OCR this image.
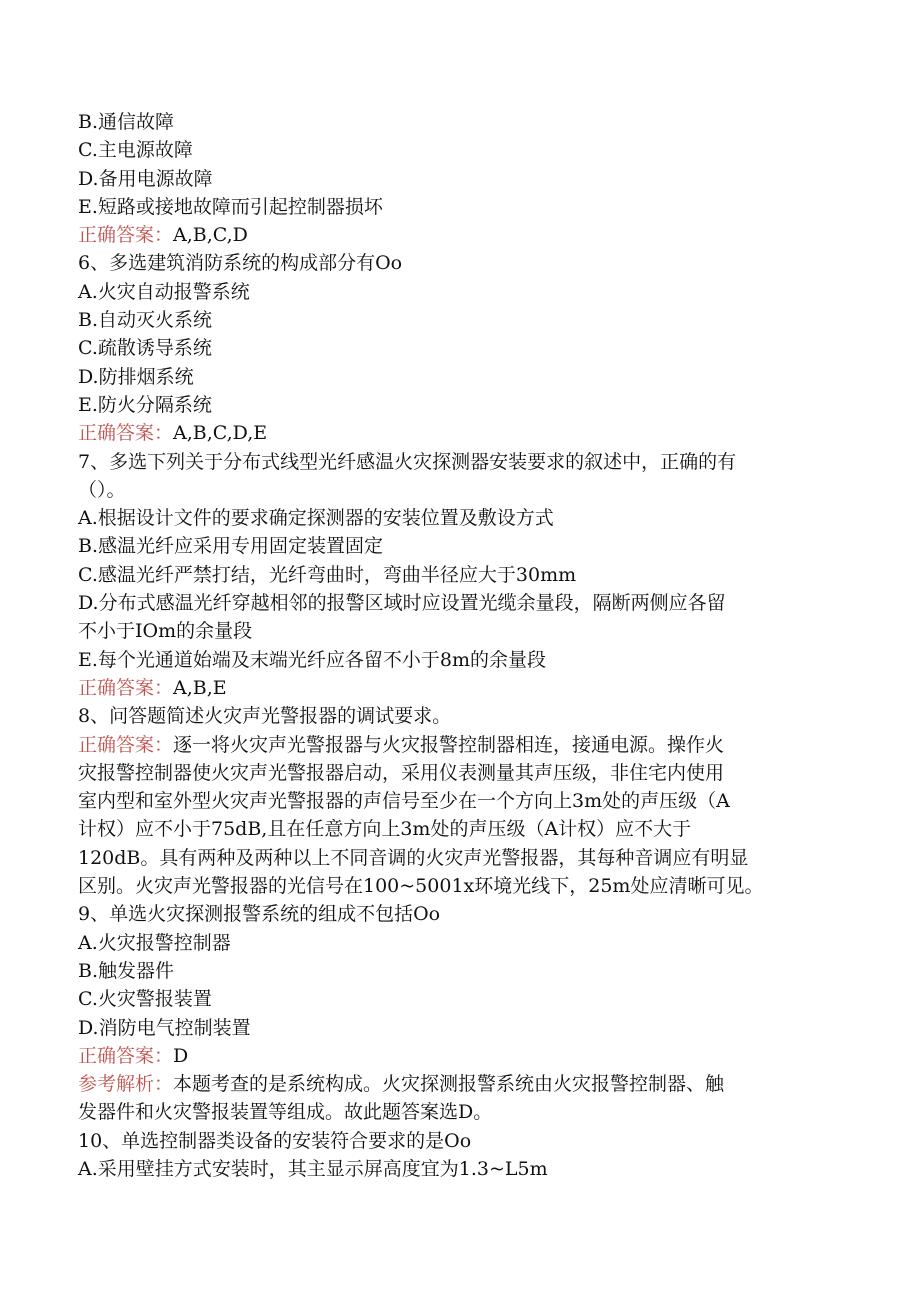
B.通信故障
C.主电源故障
D.备用电源故障
E.短路或接地故障而引起控制器损坏
正确答案：A,B,C,D
6、多选建筑消防系统的构成部分有Oo
A.火灾自动报警系统
B.自动灭火系统
C.疏散诱导系统
D.防排烟系统
E.防火分隔系统
正确答案：A,B,C,D,E
7、多选下列关于分布式线型光纤感温火灾探测器安装要求的叙述中，正确的有
（）。
A.根据设计文件的要求确定探测器的安装位置及敷设方式
B.感温光纤应采用专用固定装置固定
C.感温光纤严禁打结，光纤弯曲时，弯曲半径应大于30mm
D.分布式感温光纤穿越相邻的报警区域时应设置光缆余量段，隔断两侧应各留
不小于IOm的余量段
E.每个光通道始端及末端光纤应各留不小于8m的余量段
正确答案：A,B,E
8、问答题简述火灾声光警报器的调试要求。
正确答案：逐一将火灾声光警报器与火灾报警控制器相连，接通电源。操作火
灾报警控制器使火灾声光警报器启动，采用仪表测量其声压级，非住宅内使用
室内型和室外型火灾声光警报器的声信号至少在一个方向上3m处的声压级（A
计权）应不小于75dB,且在任意方向上3m处的声压级（A计权）应不大于
120dB。具有两种及两种以上不同音调的火灾声光警报器，其每种音调应有明显
区别。火灾声光警报器的光信号在100~5001x环境光线下，25m处应清晰可见。
9、单选火灾探测报警系统的组成不包括Oo
A.火灾报警控制器
B.触发器件
C.火灾警报装置
D.消防电气控制装置
正确答案：D
参考解析：本题考查的是系统构成。火灾探测报警系统由火灾报警控制器、触
发器件和火灾警报装置等组成。故此题答案选D。
10、单选控制器类设备的安装符合要求的是Oo
A.采用壁挂方式安装时，其主显示屏高度宜为1.3~L5m
